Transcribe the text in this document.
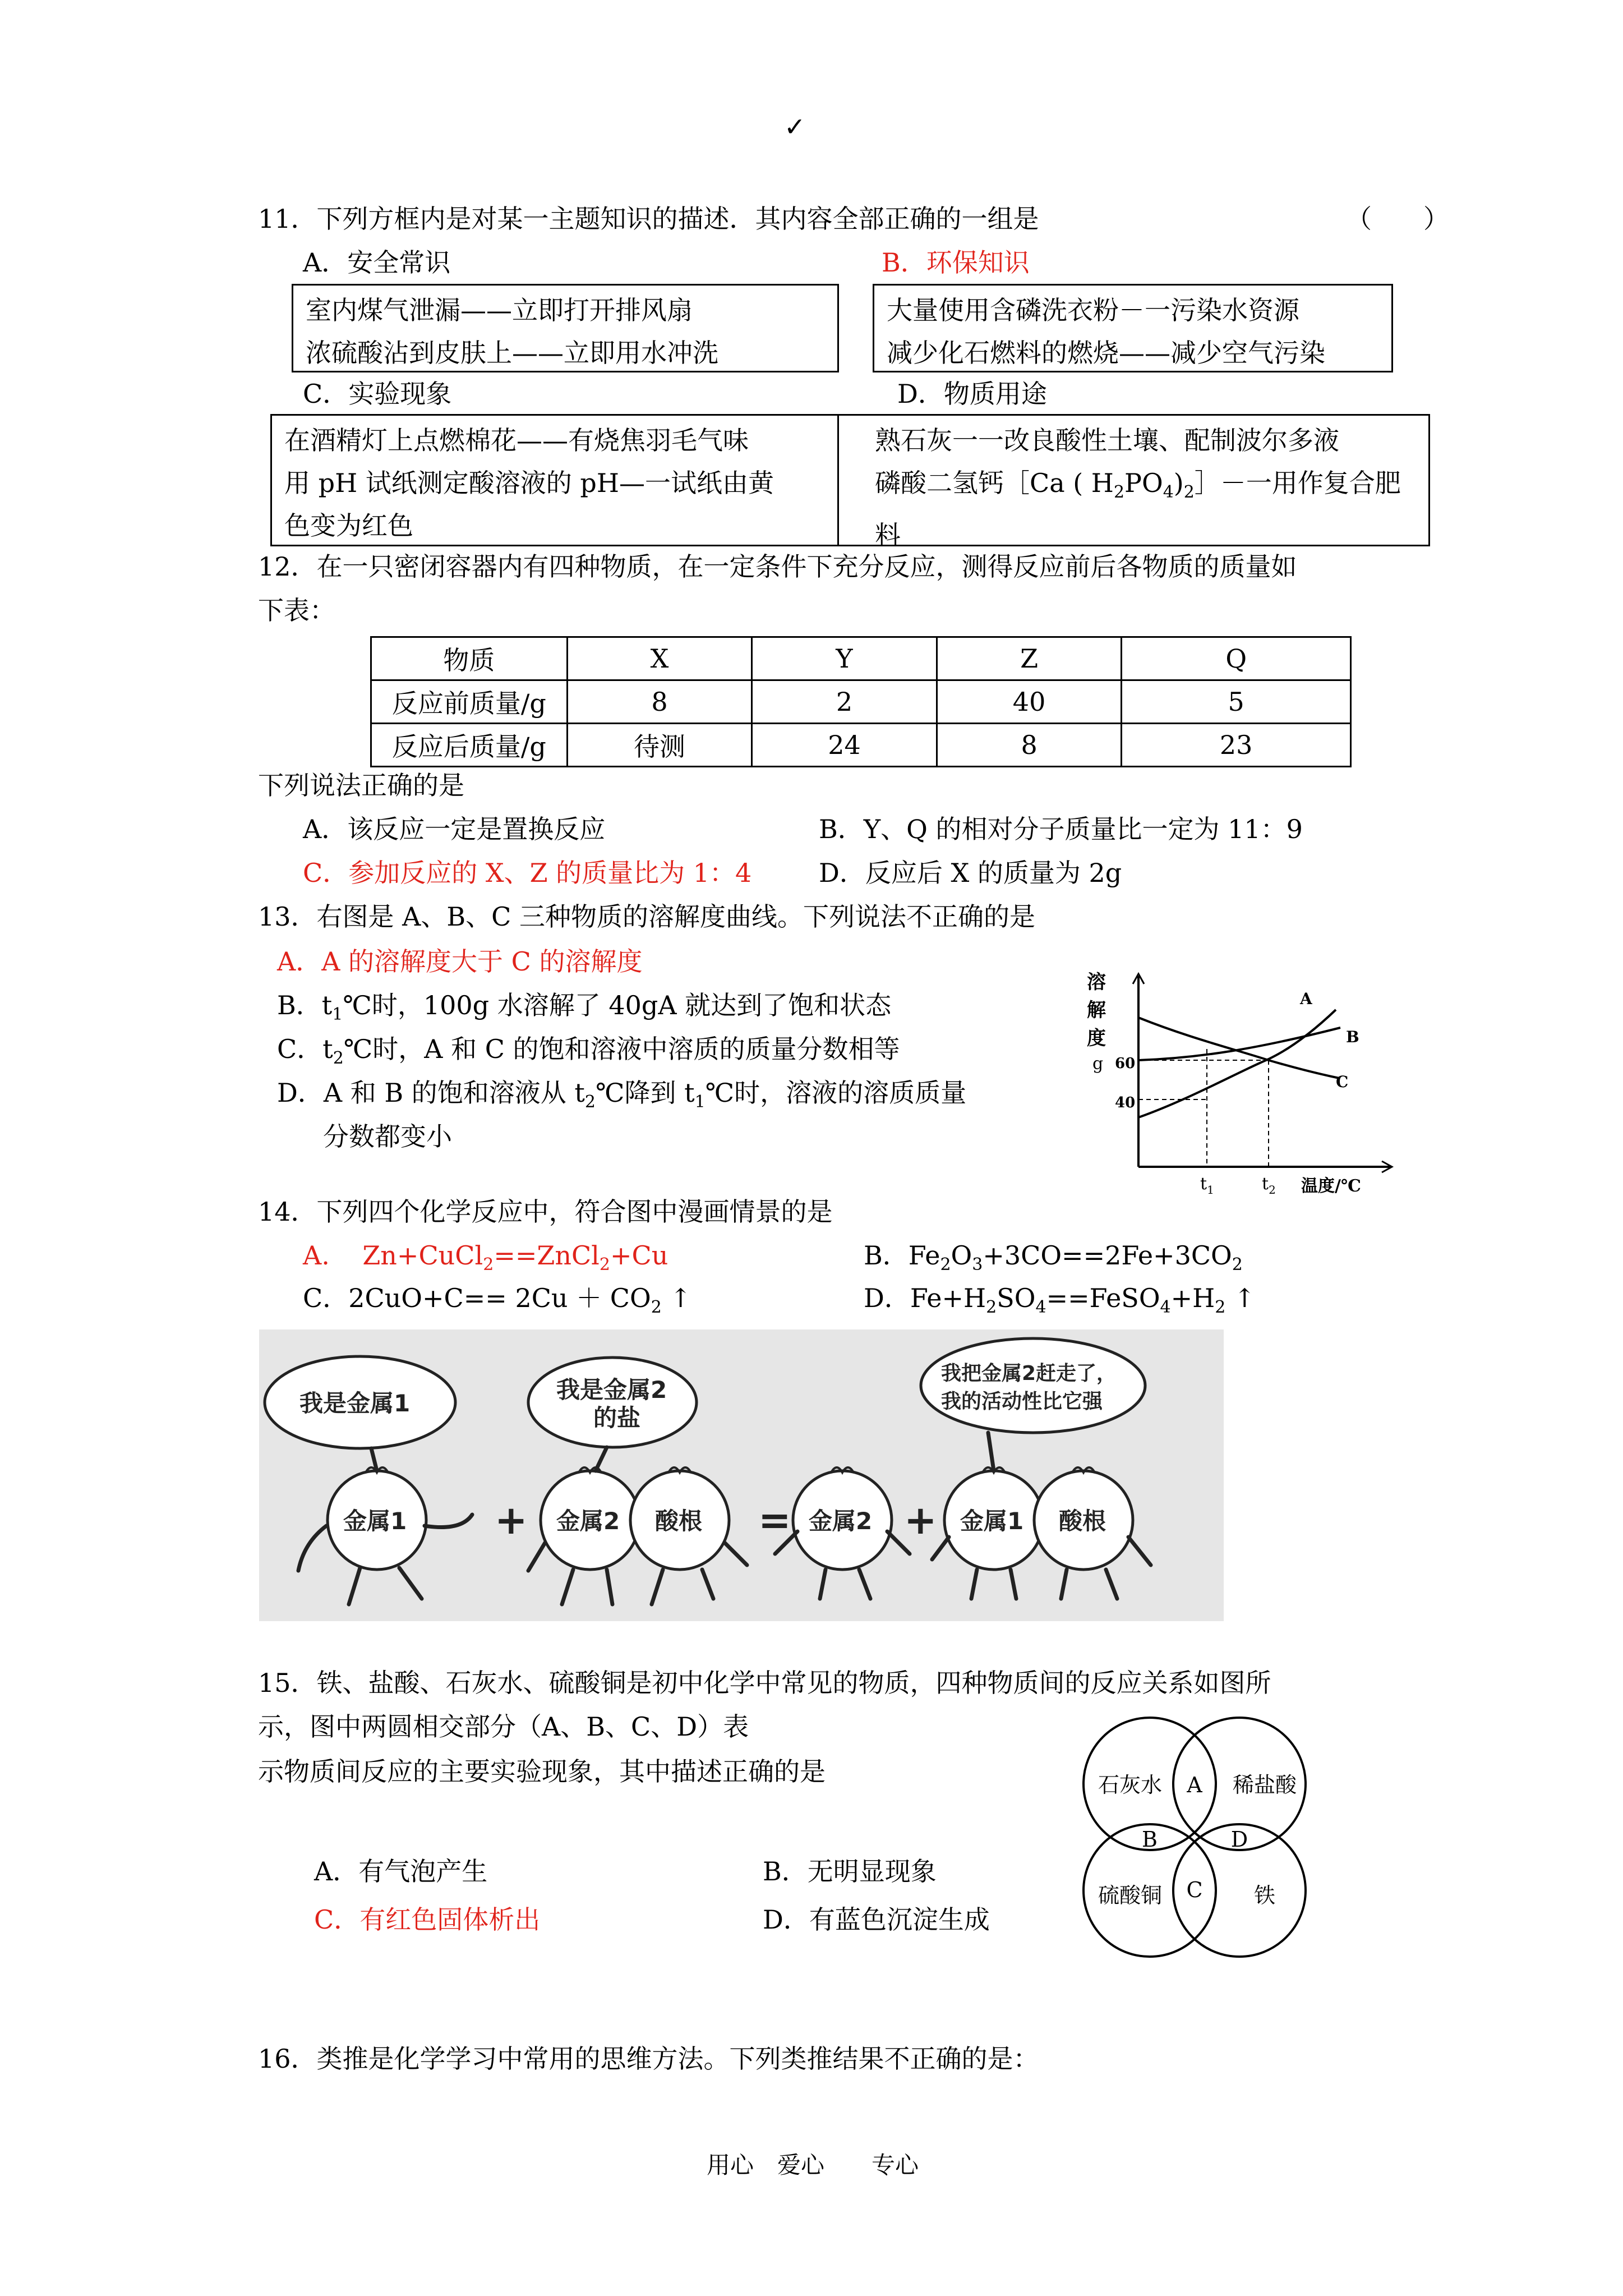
✓
11．下列方框内是对某一主题知识的描述．其内容全部正确的一组是	（　　）
A．安全常识	B．环保知识
室内煤气泄漏——立即打开排风扇
浓硫酸沾到皮肤上——立即用水冲洗
大量使用含磷洗衣粉－一污染水资源
减少化石燃料的燃烧——减少空气污染
C．实验现象	D．物质用途
在酒精灯上点燃棉花——有烧焦羽毛气味
用 pH 试纸测定酸溶液的 pH—一试纸由黄
色变为红色
熟石灰一一改良酸性土壤、配制波尔多液
磷酸二氢钙［Ca ( $H_2PO_4)_2]-$一用作复合肥
料
12．在一只密闭容器内有四种物质，在一定条件下充分反应，测得反应前后各物质的质量如
下表：
物质	X	Y	Z	Q
反应前质量/g	8	2	40	5
反应后质量/g	待测	24	8	23
下列说法正确的是
A．该反应一定是置换反应	B．Y、Q 的相对分子质量比一定为 11：9
C．参加反应的 X、Z 的质量比为 1：4	D．反应后 X 的质量为 2g
13．右图是 A、B、C 三种物质的溶解度曲线。下列说法不正确的是
A．A 的溶解度大于 C 的溶解度
B．$t_1℃$时，100g 水溶解了 40gA 就达到了饱和状态
C．$t_2℃$时，A 和 C 的饱和溶液中溶质的质量分数相等
D．A 和 B 的饱和溶液从 $t_2℃$降到 $t_1℃$时，溶液的溶质质量
分数都变小
溶
解
度
g 60
40
A
B
C
$t_1$	$t_2$ 温度/℃
14．下列四个化学反应中，符合图中漫画情景的是
A. Zn+CuCl$_2$==ZnCl$_2$+Cu	B．$Fe_2O_3+3CO==2Fe+3CO_2$
C．$2CuO+C== 2Cu + CO_2$ ↑	D．$Fe+H_2SO_4==FeSO_4+H_2$ ↑
我是金属1	我是金属2
的盐
我把金属2赶走了，
我的活动性比它强
金属1	金属2 酸根	金属2	金属1 酸根
+	=	+
15．铁、盐酸、石灰水、硫酸铜是初中化学中常见的物质，四种物质间的反应关系如图所
示，图中两圆相交部分（A、B、C、D）表
示物质间反应的主要实验现象，其中描述正确的是
A．有气泡产生	B．无明显现象
C．有红色固体析出	D．有蓝色沉淀生成
石灰水	稀盐酸
硫酸铜	铁
A
B
C
D
16．类推是化学学习中常用的思维方法。下列类推结果不正确的是：
用心　爱心　　专心
